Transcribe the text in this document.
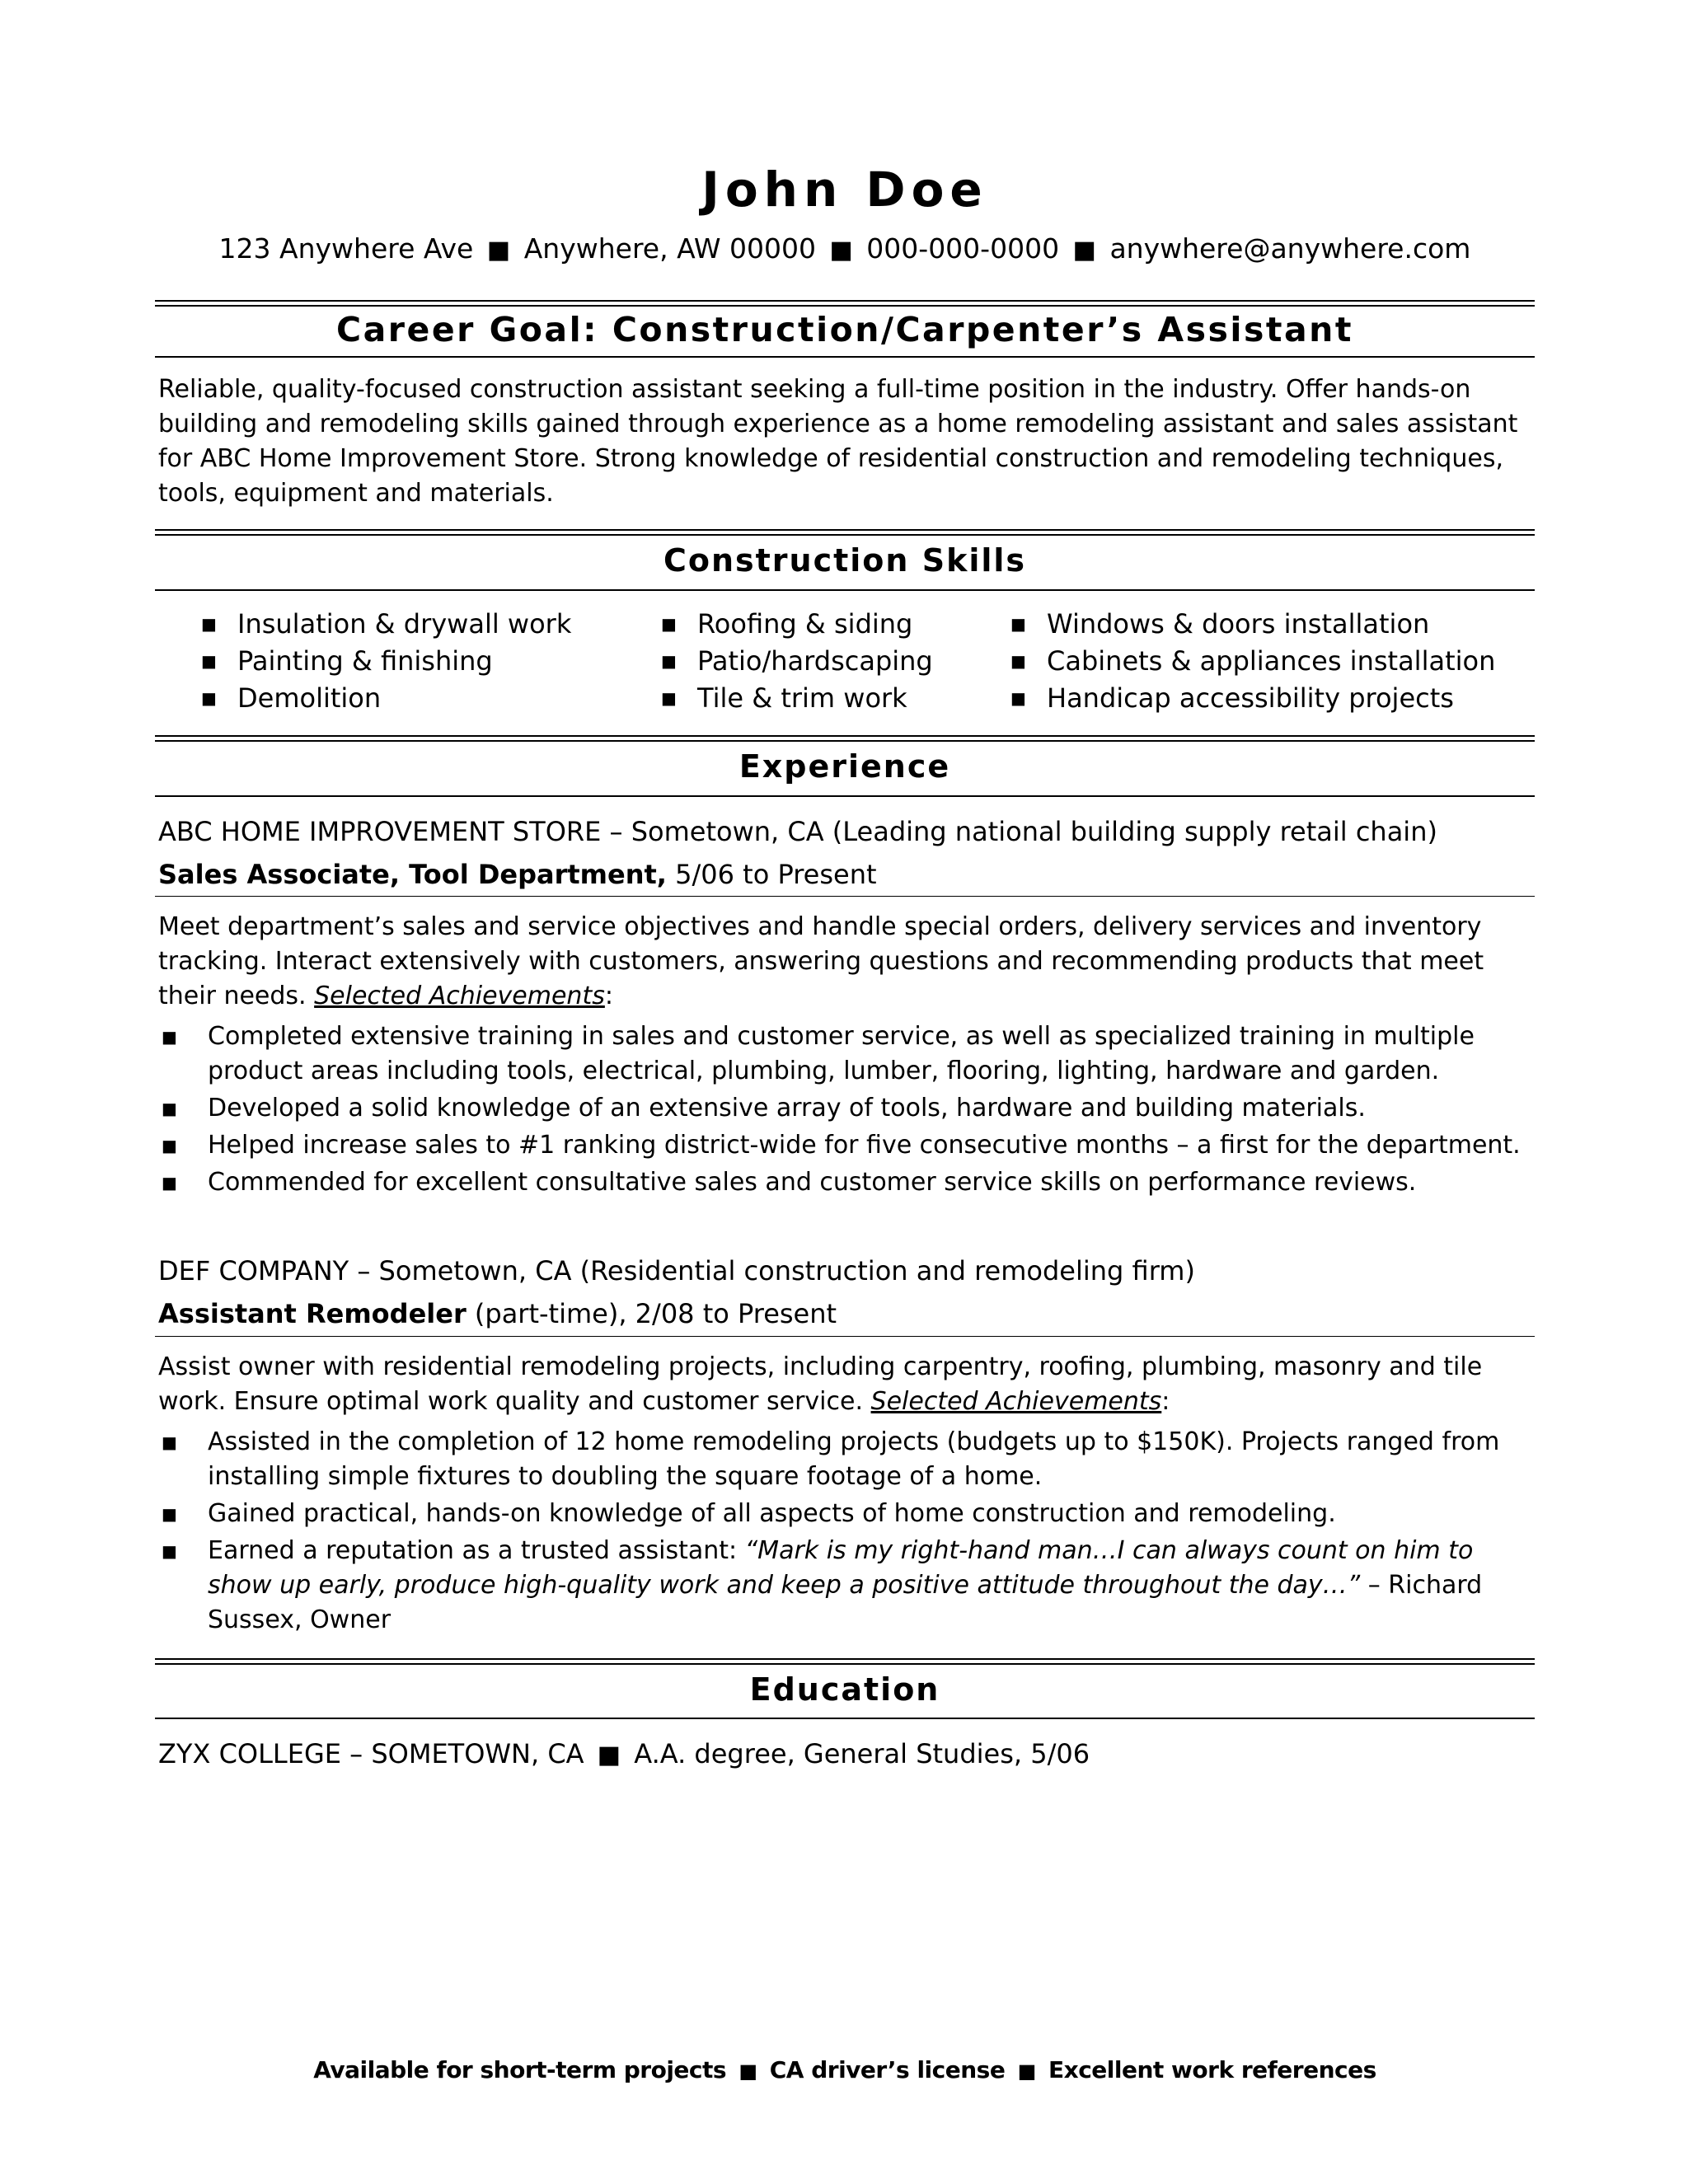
John Doe
123 Anywhere Ave ■ Anywhere, AW 00000 ■ 000-000-0000 ■ anywhere@anywhere.com
Career Goal: Construction/Carpenter’s Assistant
Reliable, quality-focused construction assistant seeking a full-time position in the industry. Offer hands-on building and remodeling skills gained through experience as a home remodeling assistant and sales assistant for ABC Home Improvement Store. Strong knowledge of residential construction and remodeling techniques, tools, equipment and materials.
Construction Skills
■ Insulation & drywall work
■ Painting & finishing
■ Demolition
■ Roofing & siding
■ Patio/hardscaping
■ Tile & trim work
■ Windows & doors installation
■ Cabinets & appliances installation
■ Handicap accessibility projects
Experience
ABC HOME IMPROVEMENT STORE – Sometown, CA (Leading national building supply retail chain)
Sales Associate, Tool Department, 5/06 to Present
Meet department’s sales and service objectives and handle special orders, delivery services and inventory tracking. Interact extensively with customers, answering questions and recommending products that meet their needs. Selected Achievements:
■ Completed extensive training in sales and customer service, as well as specialized training in multiple product areas including tools, electrical, plumbing, lumber, flooring, lighting, hardware and garden.
■ Developed a solid knowledge of an extensive array of tools, hardware and building materials.
■ Helped increase sales to #1 ranking district-wide for five consecutive months – a first for the department.
■ Commended for excellent consultative sales and customer service skills on performance reviews.
DEF COMPANY – Sometown, CA (Residential construction and remodeling firm)
Assistant Remodeler (part-time), 2/08 to Present
Assist owner with residential remodeling projects, including carpentry, roofing, plumbing, masonry and tile work. Ensure optimal work quality and customer service. Selected Achievements:
■ Assisted in the completion of 12 home remodeling projects (budgets up to $150K). Projects ranged from installing simple fixtures to doubling the square footage of a home.
■ Gained practical, hands-on knowledge of all aspects of home construction and remodeling.
■ Earned a reputation as a trusted assistant: “Mark is my right-hand man…I can always count on him to show up early, produce high-quality work and keep a positive attitude throughout the day…” – Richard Sussex, Owner
Education
ZYX COLLEGE – SOMETOWN, CA ■ A.A. degree, General Studies, 5/06
Available for short-term projects ■ CA driver’s license ■ Excellent work references
